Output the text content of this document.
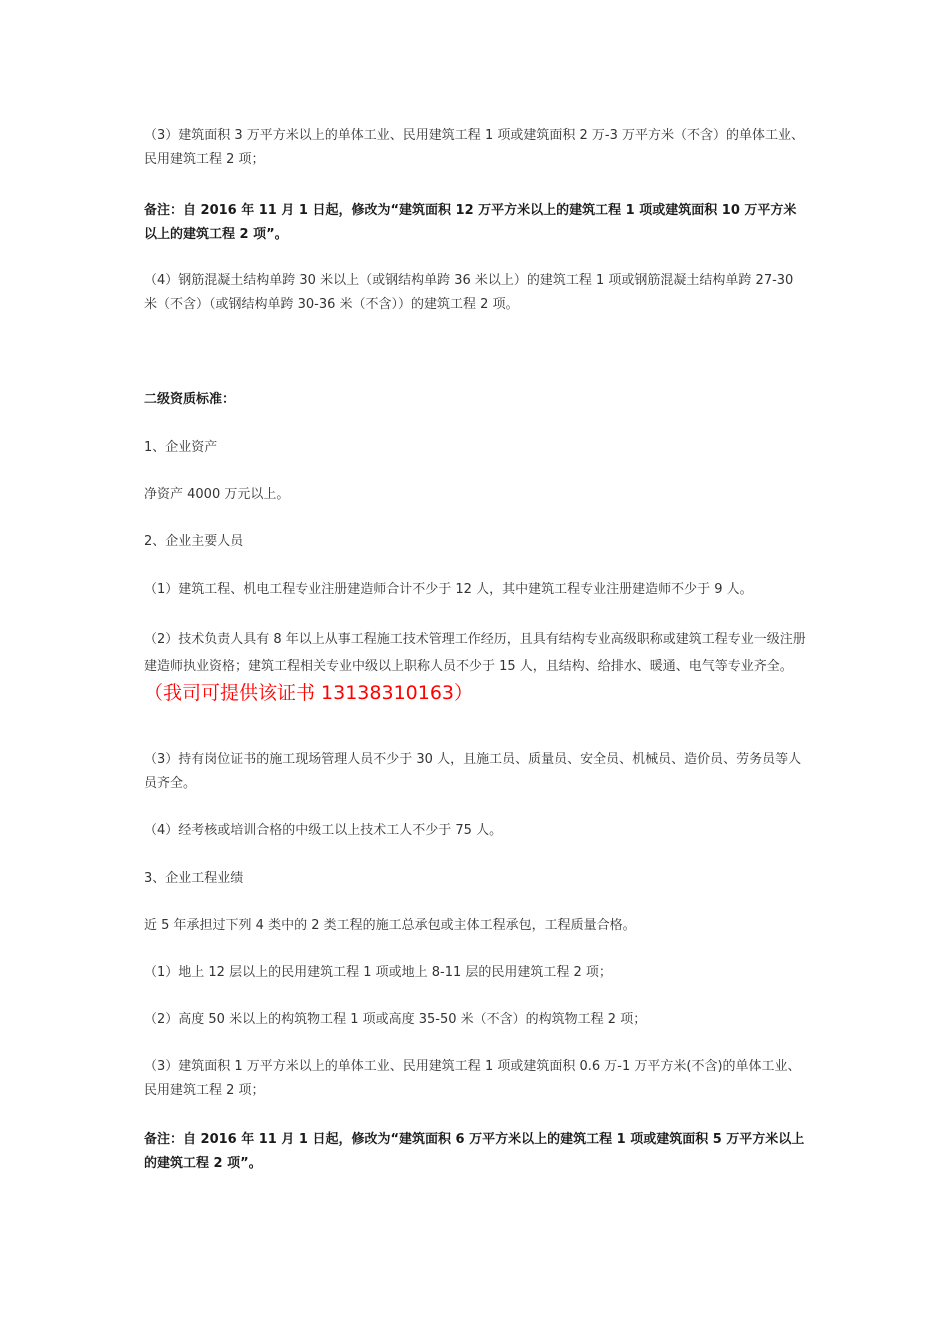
（3）建筑面积 3 万平方米以上的单体工业、民用建筑工程 1 项或建筑面积 2 万-3 万平方米（不含）的单体工业、民用建筑工程 2 项；

备注：自 2016 年 11 月 1 日起，修改为“建筑面积 12 万平方米以上的建筑工程 1 项或建筑面积 10 万平方米以上的建筑工程 2 项”。

（4）钢筋混凝土结构单跨 30 米以上（或钢结构单跨 36 米以上）的建筑工程 1 项或钢筋混凝土结构单跨 27-30 米（不含）（或钢结构单跨 30-36 米（不含））的建筑工程 2 项。

二级资质标准：

1、企业资产

净资产 4000 万元以上。

2、企业主要人员

（1）建筑工程、机电工程专业注册建造师合计不少于 12 人，其中建筑工程专业注册建造师不少于 9 人。

（2）技术负责人具有 8 年以上从事工程施工技术管理工作经历，且具有结构专业高级职称或建筑工程专业一级注册建造师执业资格；建筑工程相关专业中级以上职称人员不少于 15 人，且结构、给排水、暖通、电气等专业齐全。（我司可提供该证书 13138310163）

（3）持有岗位证书的施工现场管理人员不少于 30 人，且施工员、质量员、安全员、机械员、造价员、劳务员等人员齐全。

（4）经考核或培训合格的中级工以上技术工人不少于 75 人。

3、企业工程业绩

近 5 年承担过下列 4 类中的 2 类工程的施工总承包或主体工程承包，工程质量合格。

（1）地上 12 层以上的民用建筑工程 1 项或地上 8-11 层的民用建筑工程 2 项；

（2）高度 50 米以上的构筑物工程 1 项或高度 35-50 米（不含）的构筑物工程 2 项；

（3）建筑面积 1 万平方米以上的单体工业、民用建筑工程 1 项或建筑面积 0.6 万-1 万平方米(不含)的单体工业、民用建筑工程 2 项；

备注：自 2016 年 11 月 1 日起，修改为“建筑面积 6 万平方米以上的建筑工程 1 项或建筑面积 5 万平方米以上的建筑工程 2 项”。
